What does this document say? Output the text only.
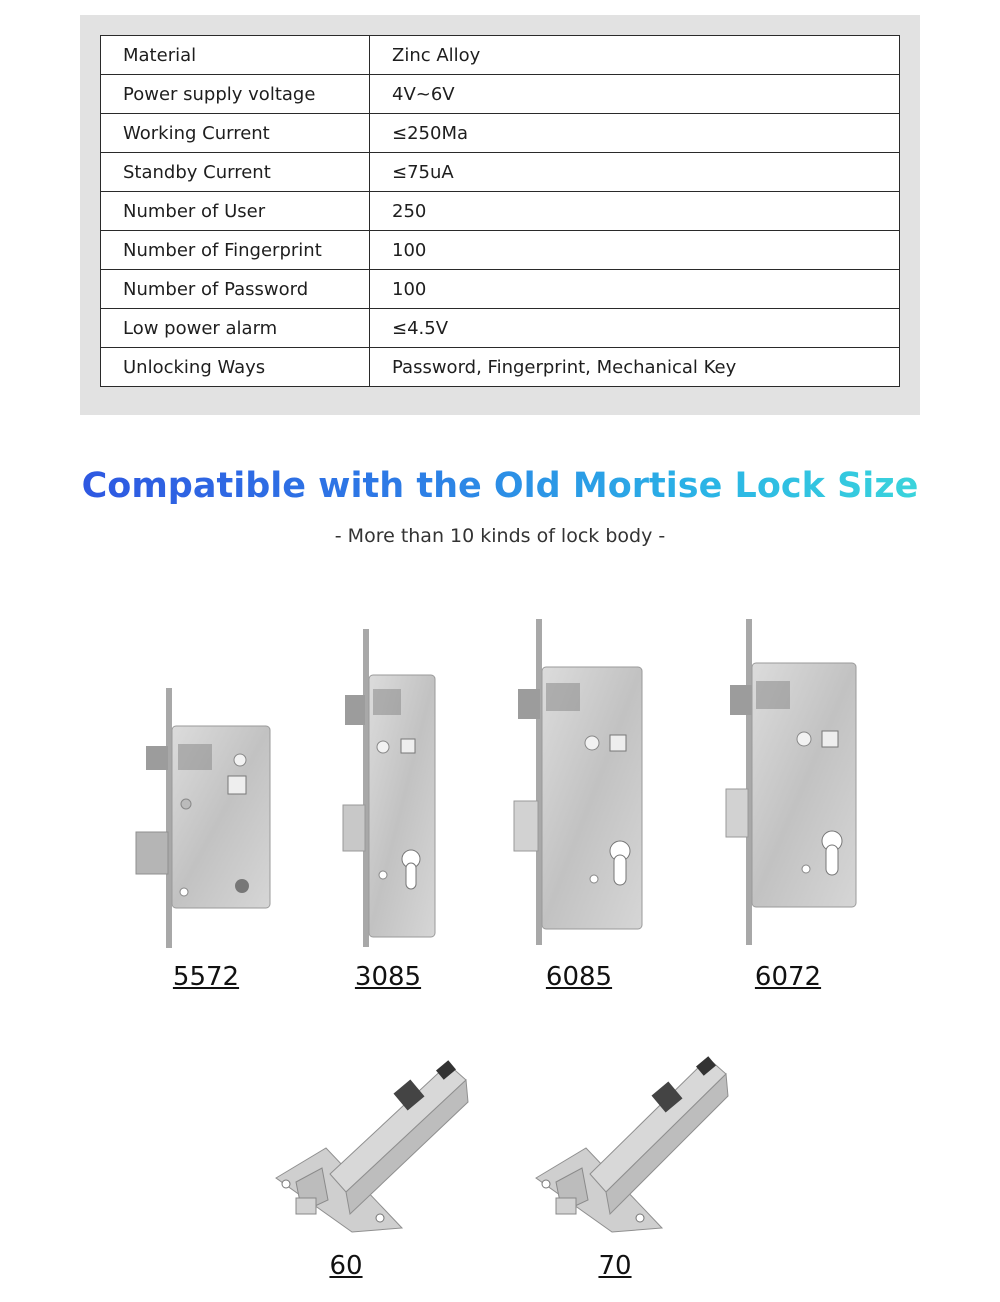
Material	Zinc Alloy
Power supply voltage	4V~6V
Working Current	≤250Ma
Standby Current	≤75uA
Number of User	250
Number of Fingerprint	100
Number of Password	100
Low power alarm	≤4.5V
Unlocking Ways	Password, Fingerprint, Mechanical Key
Compatible with the Old Mortise Lock Size
- More than 10 kinds of lock body -
5572	3085	6085	6072
60	70
